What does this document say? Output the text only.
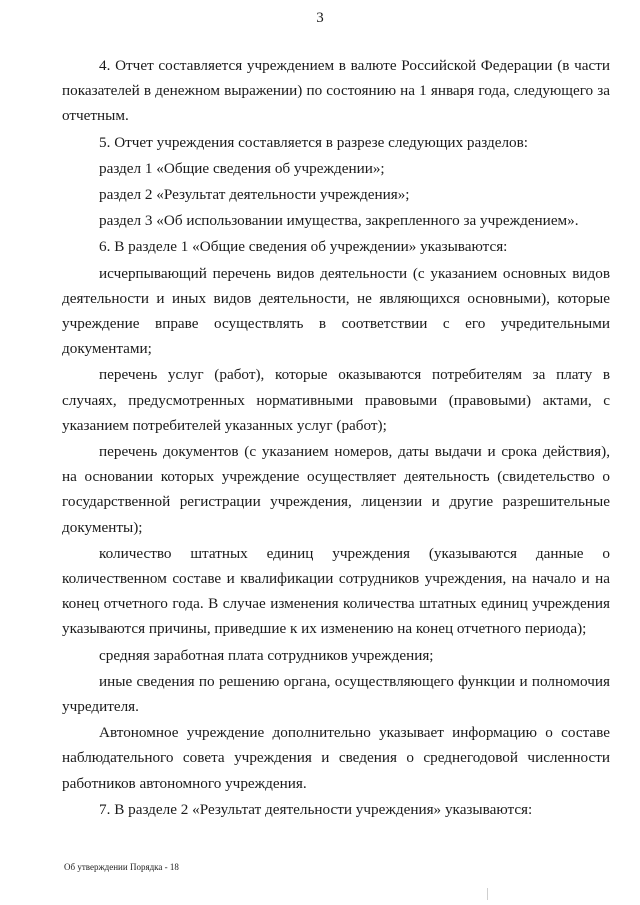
3

4. Отчет составляется учреждением в валюте Российской Федерации (в части показателей в денежном выражении) по состоянию на 1 января года, следующего за отчетным.

5. Отчет учреждения составляется в разрезе следующих разделов:

раздел 1 «Общие сведения об учреждении»;

раздел 2 «Результат деятельности учреждения»;

раздел 3 «Об использовании имущества, закрепленного за учреждением».

6. В разделе 1 «Общие сведения об учреждении» указываются:

исчерпывающий перечень видов деятельности (с указанием основных видов деятельности и иных видов деятельности, не являющихся основными), которые учреждение вправе осуществлять в соответствии с его учредительными документами;

перечень услуг (работ), которые оказываются потребителям за плату в случаях, предусмотренных нормативными правовыми (правовыми) актами, с указанием потребителей указанных услуг (работ);

перечень документов (с указанием номеров, даты выдачи и срока действия), на основании которых учреждение осуществляет деятельность (свидетельство о государственной регистрации учреждения, лицензии и другие разрешительные документы);

количество штатных единиц учреждения (указываются данные о количественном составе и квалификации сотрудников учреждения, на начало и на конец отчетного года. В случае изменения количества штатных единиц учреждения указываются причины, приведшие к их изменению на конец отчетного периода);

средняя заработная плата сотрудников учреждения;

иные сведения по решению органа, осуществляющего функции и полномочия учредителя.

Автономное учреждение дополнительно указывает информацию о составе наблюдательного совета учреждения и сведения о среднегодовой численности работников автономного учреждения.

7. В разделе 2 «Результат деятельности учреждения» указываются:

Об утверждении Порядка - 18
